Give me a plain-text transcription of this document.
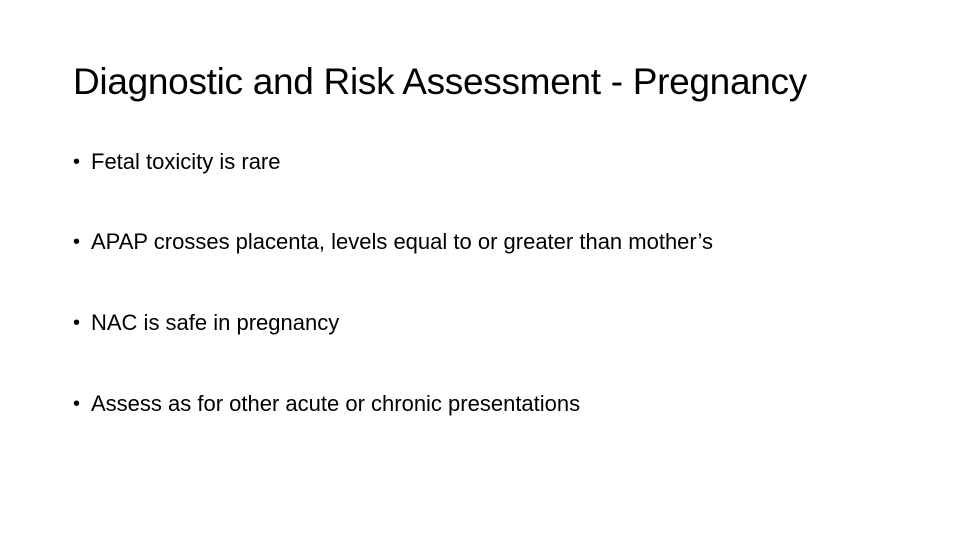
Diagnostic and Risk Assessment - Pregnancy
• Fetal toxicity is rare
• APAP crosses placenta, levels equal to or greater than mother’s
• NAC is safe in pregnancy
• Assess as for other acute or chronic presentations
